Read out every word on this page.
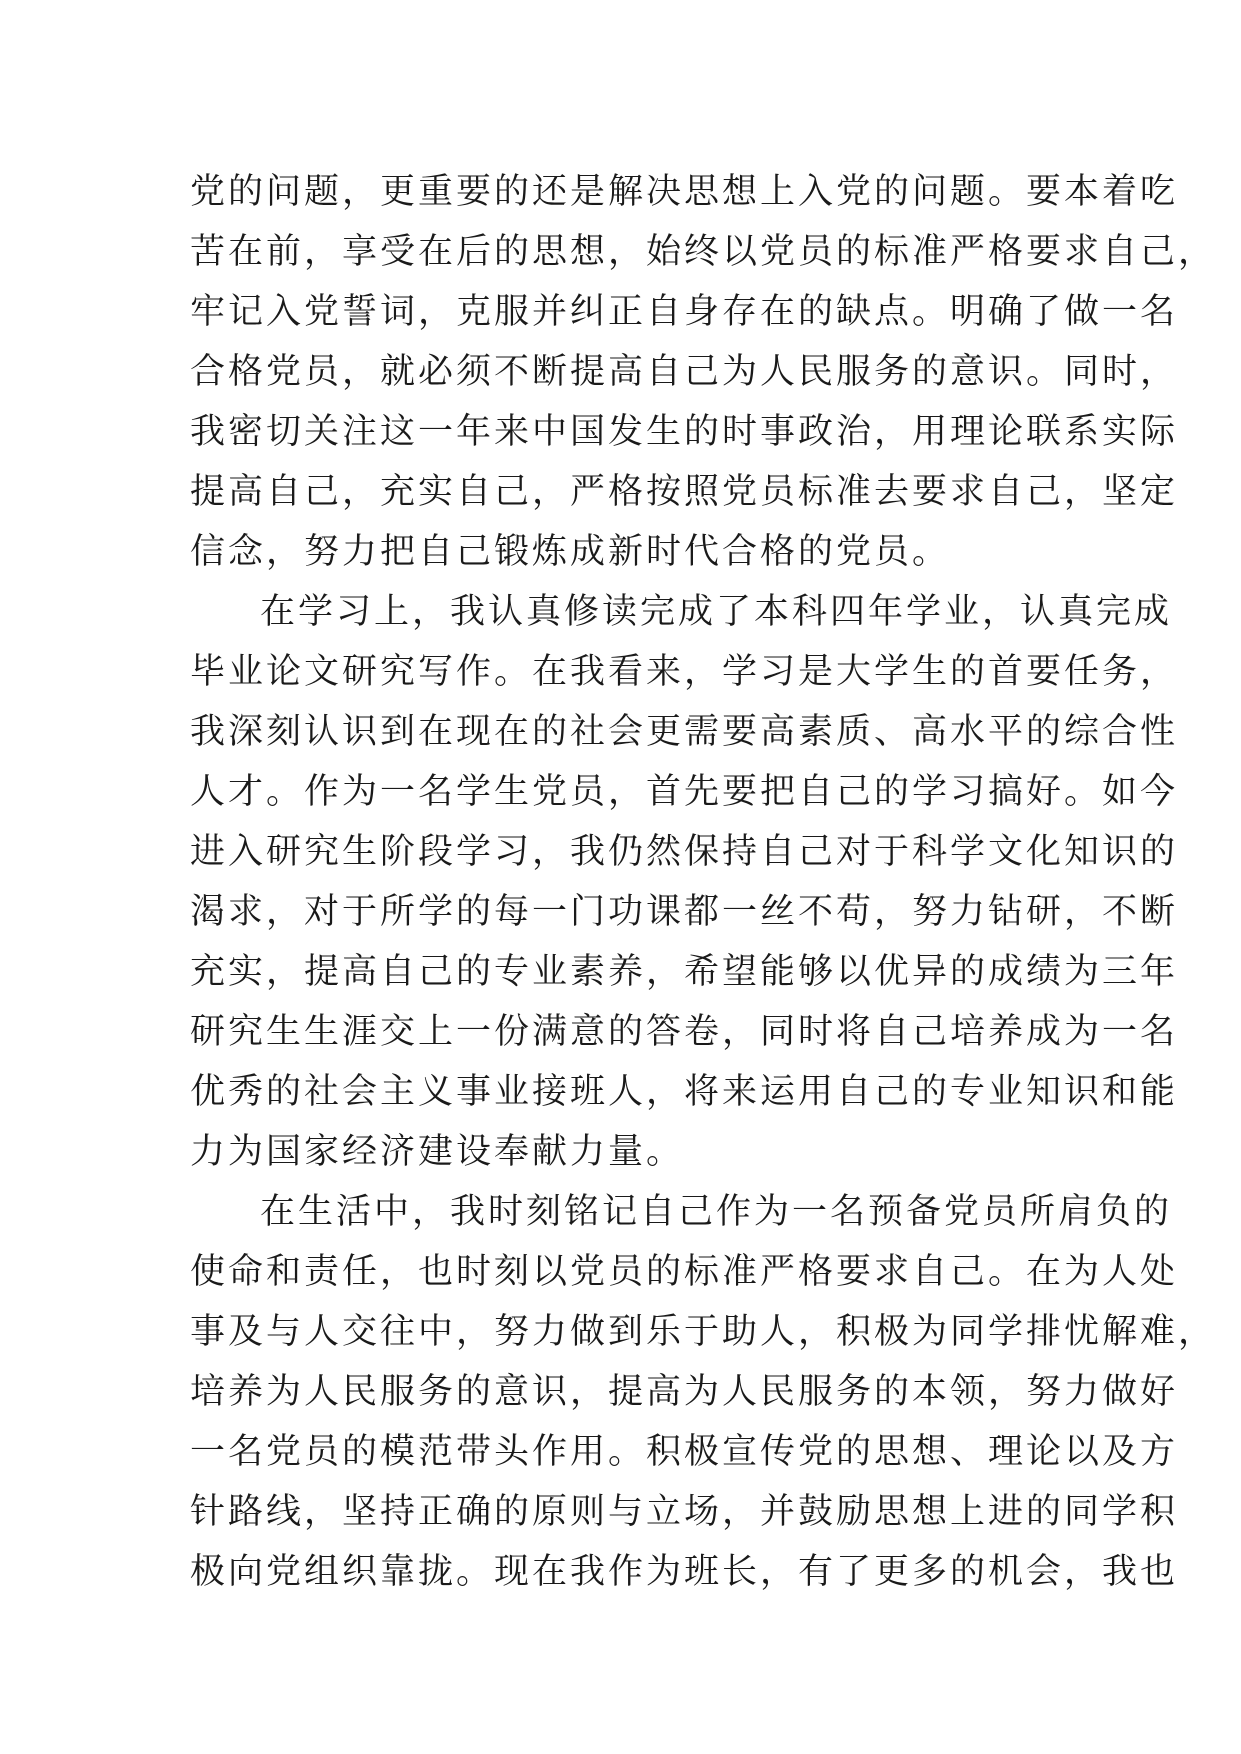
党的问题，更重要的还是解决思想上入党的问题。要本着吃
苦在前，享受在后的思想，始终以党员的标准严格要求自己，
牢记入党誓词，克服并纠正自身存在的缺点。明确了做一名
合格党员，就必须不断提高自己为人民服务的意识。同时，
我密切关注这一年来中国发生的时事政治，用理论联系实际
提高自己，充实自己，严格按照党员标准去要求自己，坚定
信念，努力把自己锻炼成新时代合格的党员。
在学习上，我认真修读完成了本科四年学业，认真完成
毕业论文研究写作。在我看来，学习是大学生的首要任务，
我深刻认识到在现在的社会更需要高素质、高水平的综合性
人才。作为一名学生党员，首先要把自己的学习搞好。如今
进入研究生阶段学习，我仍然保持自己对于科学文化知识的
渴求，对于所学的每一门功课都一丝不苟，努力钻研，不断
充实，提高自己的专业素养，希望能够以优异的成绩为三年
研究生生涯交上一份满意的答卷，同时将自己培养成为一名
优秀的社会主义事业接班人，将来运用自己的专业知识和能
力为国家经济建设奉献力量。
在生活中，我时刻铭记自己作为一名预备党员所肩负的
使命和责任，也时刻以党员的标准严格要求自己。在为人处
事及与人交往中，努力做到乐于助人，积极为同学排忧解难，
培养为人民服务的意识，提高为人民服务的本领，努力做好
一名党员的模范带头作用。积极宣传党的思想、理论以及方
针路线，坚持正确的原则与立场，并鼓励思想上进的同学积
极向党组织靠拢。现在我作为班长，有了更多的机会，我也
